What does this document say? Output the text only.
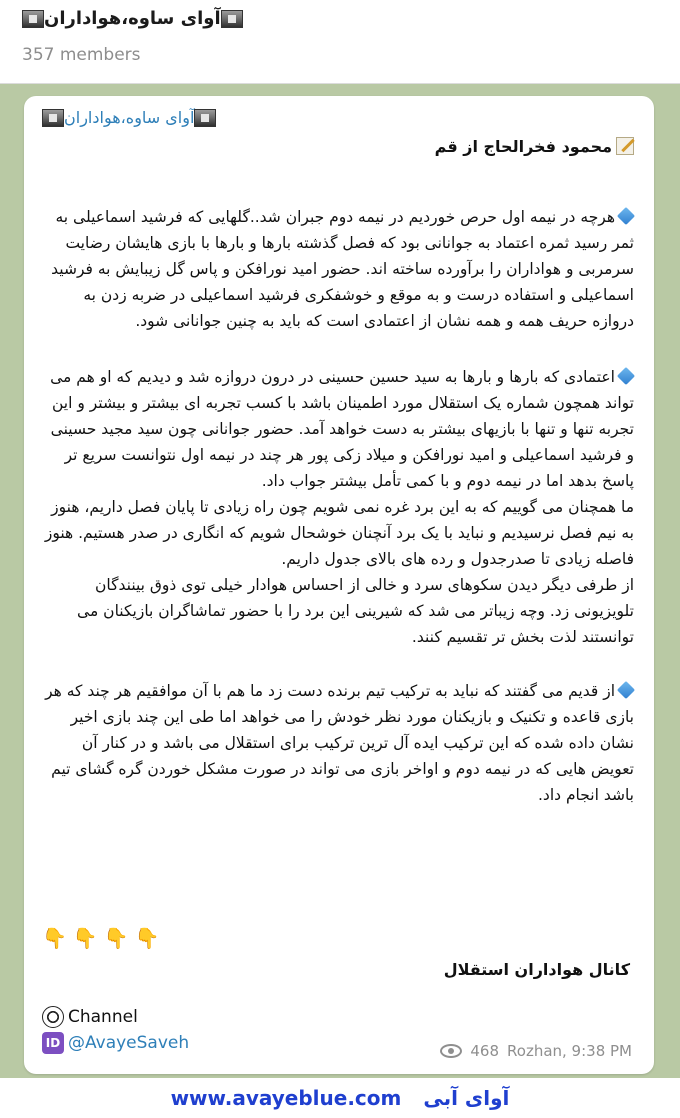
آوای ساوه،هواداران
357 members
آوای ساوه،هواداران

محمود فخرالحاج از قم

هرچه در نیمه اول حرص خوردیم در نیمه دوم جبران شد..گلهایی که فرشید اسماعیلی به ثمر رسید ثمره اعتماد به جوانانی بود که فصل گذشته بارها و بارها با بازی هایشان رضایت سرمربی و هواداران را برآورده ساخته اند. حضور امید نورافکن و پاس گل زیبایش به فرشید اسماعیلی و استفاده درست و به موقع و خوشفکری فرشید اسماعیلی در ضربه زدن به دروازه حریف همه و همه نشان از اعتمادی است که باید به چنین جوانانی شود.

اعتمادی که بارها و بارها به سید حسین حسینی در درون دروازه شد و دیدیم که او هم می تواند همچون شماره یک استقلال مورد اطمینان باشد با کسب تجربه ای بیشتر و بیشتر و این تجربه تنها و تنها با بازیهای بیشتر به دست خواهد آمد. حضور جوانانی چون سید مجید حسینی و فرشید اسماعیلی و امید نورافکن و میلاد زکی پور هر چند در نیمه اول نتوانست سریع تر پاسخ بدهد اما در نیمه دوم و با کمی تأمل بیشتر جواب داد.

ما همچنان می گوییم که به این برد غره نمی شویم چون راه زیادی تا پایان فصل داریم، هنوز به نیم فصل نرسیدیم و نباید با یک برد آنچنان خوشحال شویم که انگاری در صدر هستیم. هنوز فاصله زیادی تا صدرجدول و رده های بالای جدول داریم.

از طرفی دیگر دیدن سکوهای سرد و خالی از احساس هوادار خیلی توی ذوق بینندگان تلویزیونی زد. وچه زیباتر می شد که شیرینی این برد را با حضور تماشاگران بازیکنان می توانستند لذت بخش تر تقسیم کنند.

از قدیم می گفتند که نباید به ترکیب تیم برنده دست زد ما هم با آن موافقیم هر چند که هر بازی قاعده و تکنیک و بازیکنان مورد نظر خودش را می خواهد اما طی این چند بازی اخیر نشان داده شده که این ترکیب ایده آل ترین ترکیب برای استقلال می باشد و در کنار آن تعویض هایی که در نیمه دوم و اواخر بازی می تواند در صورت مشکل خوردن گره گشای تیم باشد انجام داد.

👇 👇 👇 👇
کانال هواداران استقلال
Channel
ID @AvayeSaveh	468 Rozhan, 9:38 PM
www.avayeblue.com آوای آبی
